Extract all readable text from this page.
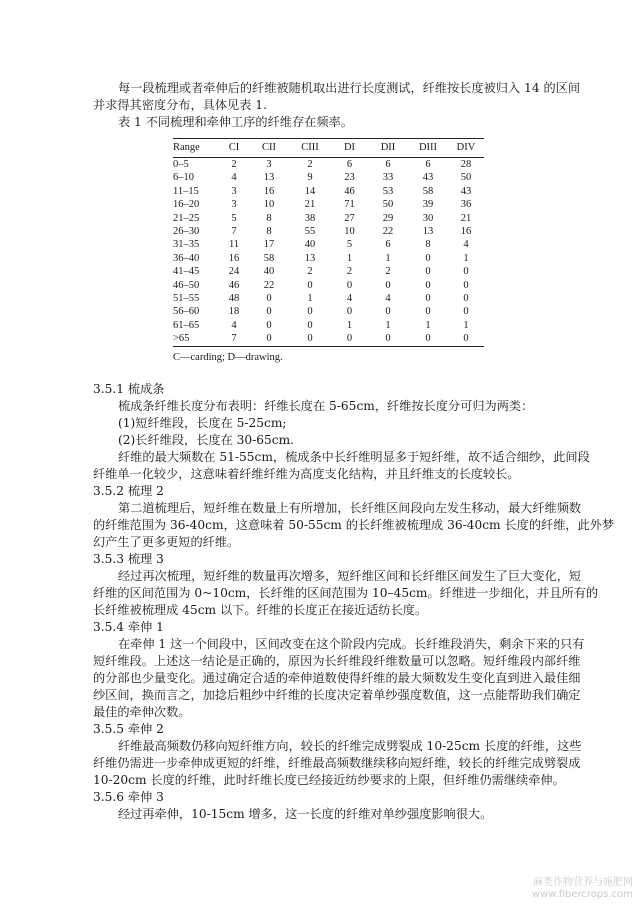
每一段梳理或者牵伸后的纤维被随机取出进行长度测试，纤维按长度被归入 14 的区间

并求得其密度分布，具体见表 1.

表 1 不同梳理和牵伸工序的纤维存在频率。

Range	CI	CII	CIII	DI	DII	DIII	DIV
0–5	2	3	2	6	6	6	28
6–10	4	13	9	23	33	43	50
11–15	3	16	14	46	53	58	43
16–20	3	10	21	71	50	39	36
21–25	5	8	38	27	29	30	21
26–30	7	8	55	10	22	13	16
31–35	11	17	40	5	6	8	4
36–40	16	58	13	1	1	0	1
41–45	24	40	2	2	2	0	0
46–50	46	22	0	0	0	0	0
51–55	48	0	1	4	4	0	0
56–60	18	0	0	0	0	0	0
61–65	4	0	0	1	1	1	1
>65	7	0	0	0	0	0	0
C—carding; D—drawing.

3.5.1 梳成条

梳成条纤维长度分布表明：纤维长度在 5-65cm，纤维按长度分可归为两类：

(1)短纤维段，长度在 5-25cm;

(2)长纤维段，长度在 30-65cm.

纤维的最大频数在 51-55cm，梳成条中长纤维明显多于短纤维，故不适合细纱，此间段

纤维单一化较少，这意味着纤维纤维为高度支化结构，并且纤维支的长度较长。

3.5.2 梳理 2

第二道梳理后，短纤维在数量上有所增加，长纤维区间段向左发生移动，最大纤维频数

的纤维范围为 36-40cm，这意味着 50-55cm 的长纤维被梳理成 36-40cm 长度的纤维，此外梦

幻产生了更多更短的纤维。

3.5.3 梳理 3

经过再次梳理，短纤维的数量再次增多，短纤维区间和长纤维区间发生了巨大变化，短

纤维的区间范围为 0~10cm，长纤维的区间范围为 10–45cm。纤维进一步细化，并且所有的

长纤维被梳理成 45cm 以下。纤维的长度正在接近适纺长度。

3.5.4 牵伸 1

在牵伸 1 这一个间段中，区间改变在这个阶段内完成。长纤维段消失，剩余下来的只有

短纤维段。上述这一结论是正确的，原因为长纤维段纤维数量可以忽略。短纤维段内部纤维

的分部也少量变化。通过确定合适的牵伸道数使得纤维的最大频数发生变化直到进入最佳细

纱区间，换而言之，加捻后粗纱中纤维的长度决定着单纱强度数值，这一点能帮助我们确定

最佳的牵伸次数。

3.5.5 牵伸 2

纤维最高频数仍移向短纤维方向，较长的纤维完成劈裂成 10-25cm 长度的纤维，这些

纤维仍需进一步牵伸成更短的纤维，纤维最高频数继续移向短纤维，较长的纤维完成劈裂成

10-20cm 长度的纤维，此时纤维长度已经接近纺纱要求的上限，但纤维仍需继续牵伸。

3.5.6 牵伸 3

经过再牵伸，10-15cm 增多，这一长度的纤维对单纱强度影响很大。

麻类作物营养与施肥网
www.fibercrops.com
